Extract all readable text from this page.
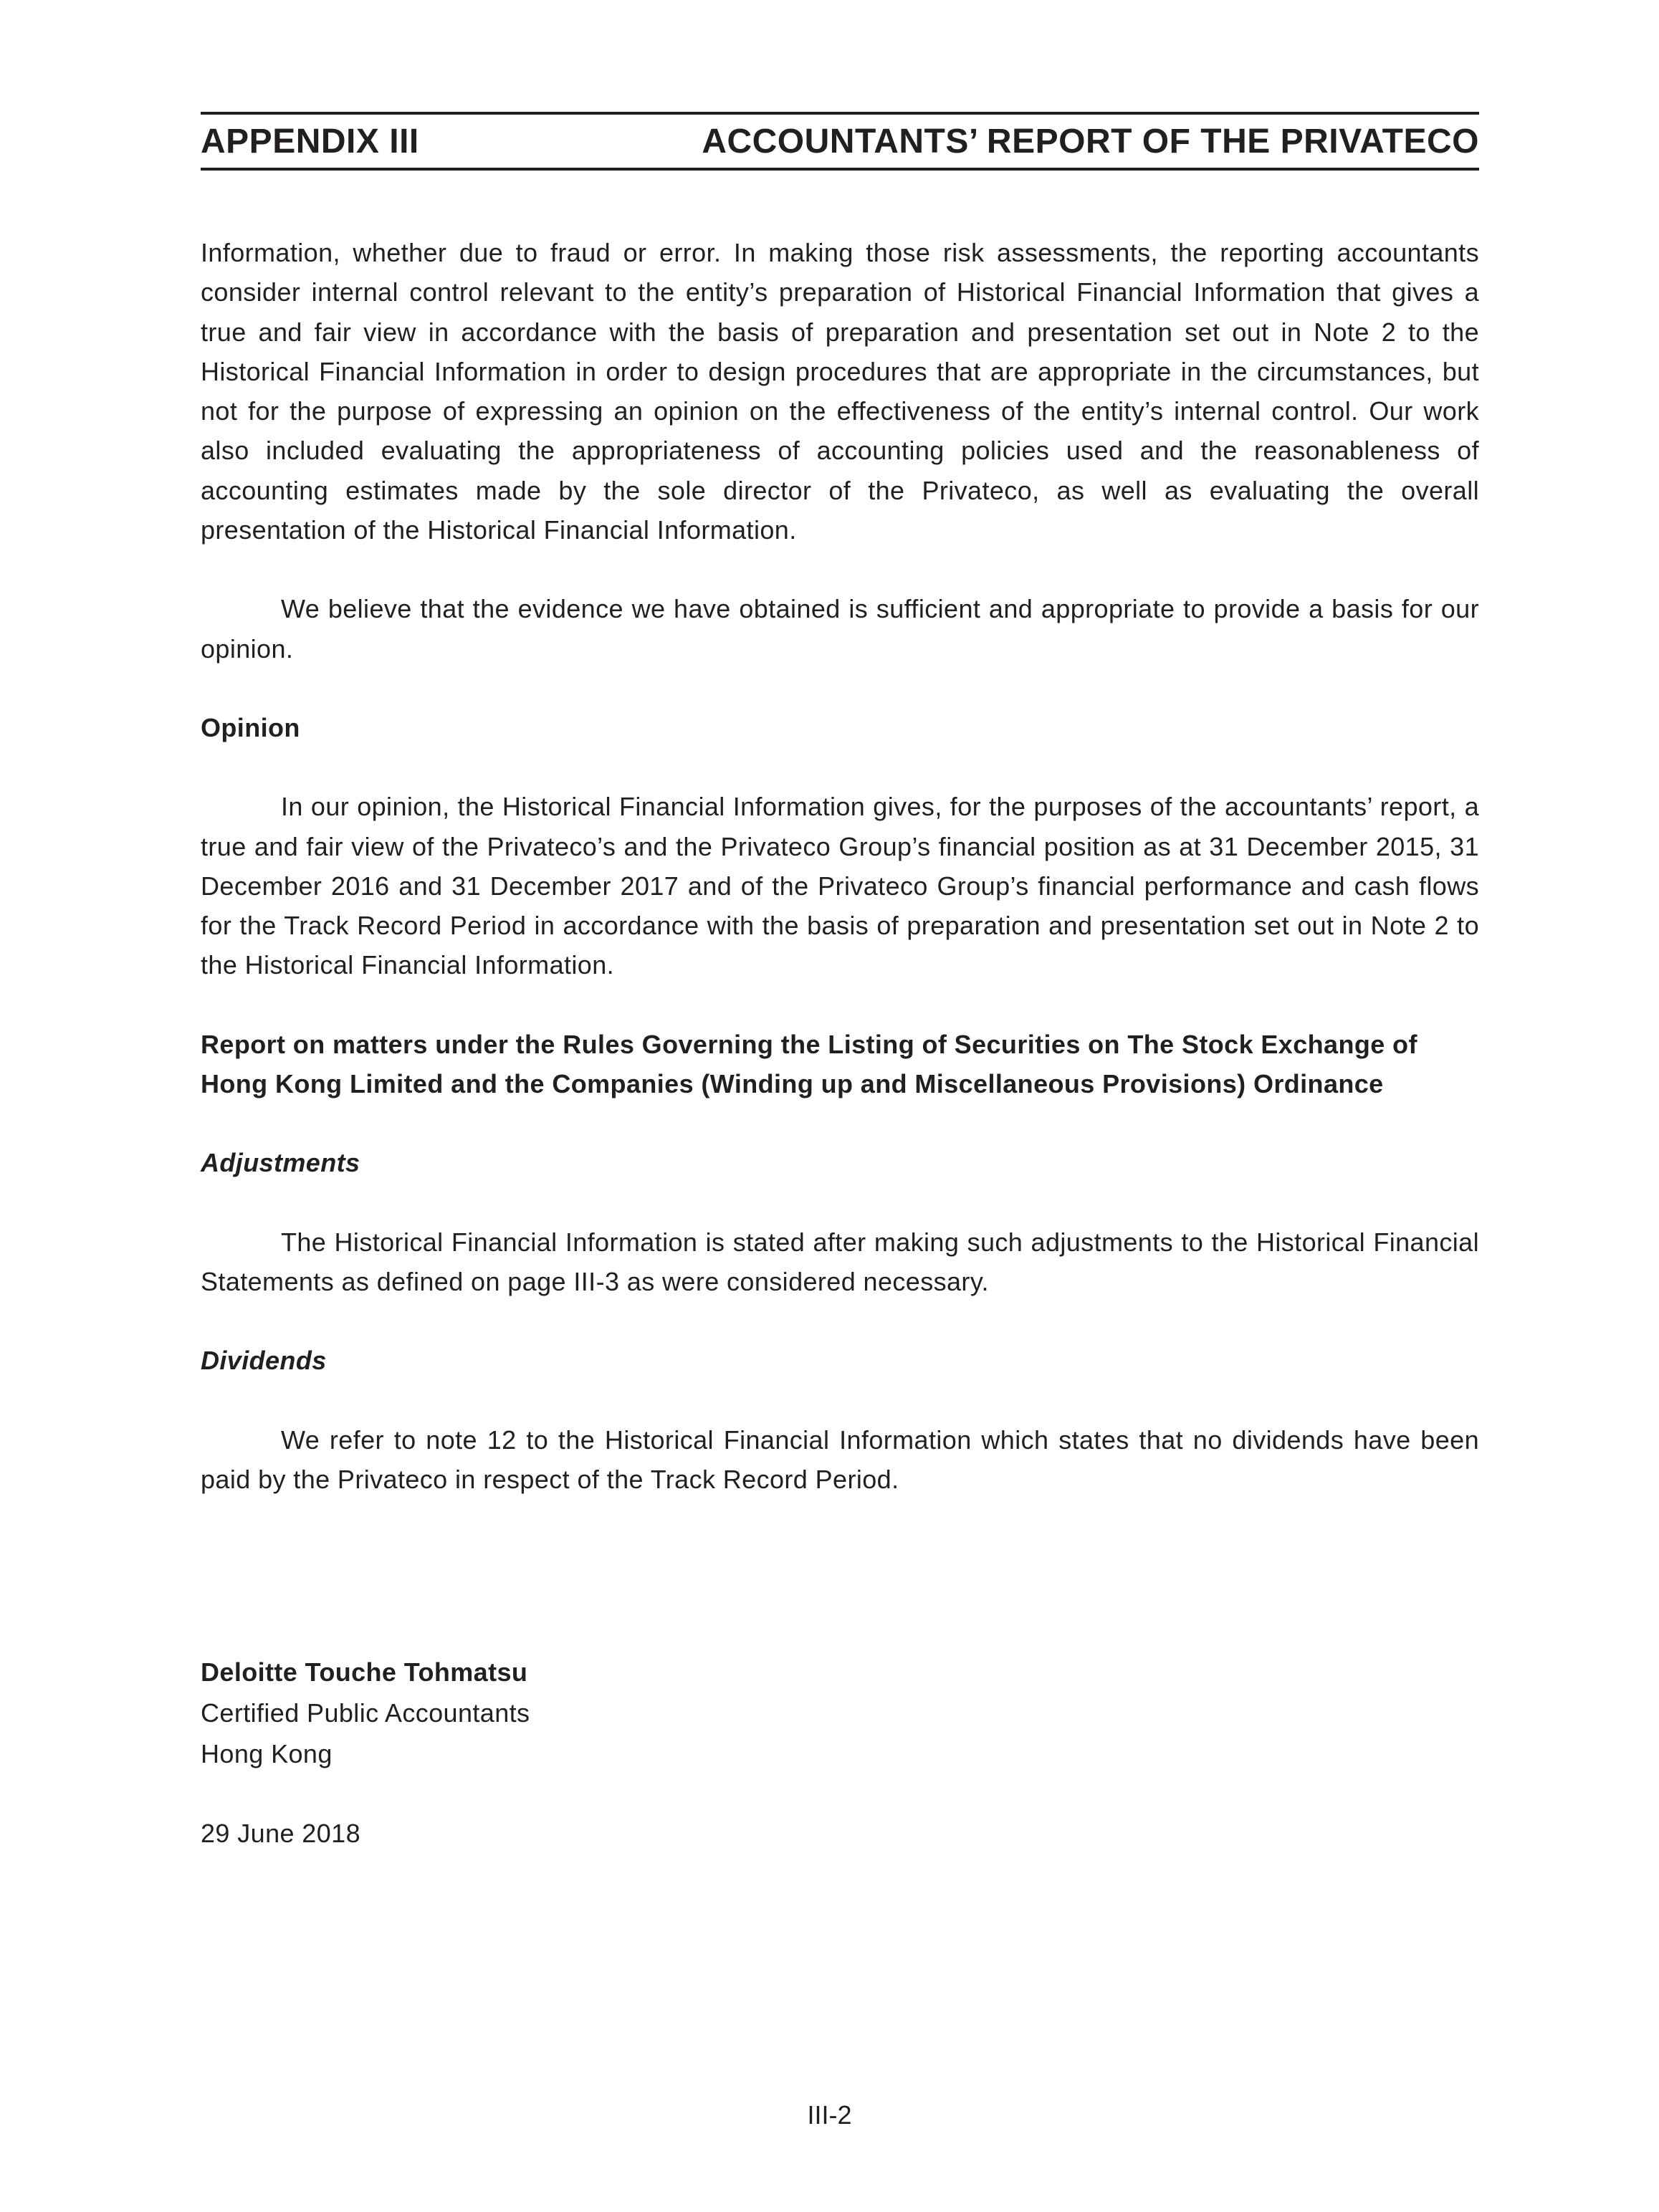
APPENDIX III	ACCOUNTANTS’ REPORT OF THE PRIVATECO

Information, whether due to fraud or error. In making those risk assessments, the reporting accountants consider internal control relevant to the entity’s preparation of Historical Financial Information that gives a true and fair view in accordance with the basis of preparation and presentation set out in Note 2 to the Historical Financial Information in order to design procedures that are appropriate in the circumstances, but not for the purpose of expressing an opinion on the effectiveness of the entity’s internal control. Our work also included evaluating the appropriateness of accounting policies used and the reasonableness of accounting estimates made by the sole director of the Privateco, as well as evaluating the overall presentation of the Historical Financial Information.

We believe that the evidence we have obtained is sufficient and appropriate to provide a basis for our opinion.

Opinion

In our opinion, the Historical Financial Information gives, for the purposes of the accountants’ report, a true and fair view of the Privateco’s and the Privateco Group’s financial position as at 31 December 2015, 31 December 2016 and 31 December 2017 and of the Privateco Group’s financial performance and cash flows for the Track Record Period in accordance with the basis of preparation and presentation set out in Note 2 to the Historical Financial Information.

Report on matters under the Rules Governing the Listing of Securities on The Stock Exchange of Hong Kong Limited and the Companies (Winding up and Miscellaneous Provisions) Ordinance

Adjustments

The Historical Financial Information is stated after making such adjustments to the Historical Financial Statements as defined on page III-3 as were considered necessary.

Dividends

We refer to note 12 to the Historical Financial Information which states that no dividends have been paid by the Privateco in respect of the Track Record Period.

Deloitte Touche Tohmatsu
Certified Public Accountants
Hong Kong
29 June 2018
III-2
